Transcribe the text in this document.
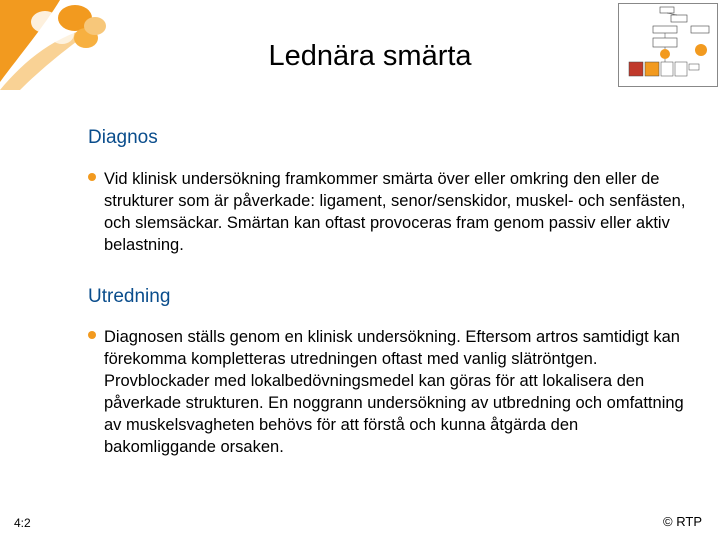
Lednära smärta
Diagnos
Vid klinisk undersökning framkommer smärta över eller omkring den eller de strukturer som är påverkade: ligament, senor/senskidor, muskel- och senfästen, och slemsäckar. Smärtan kan oftast provoceras fram genom passiv eller aktiv belastning.
Utredning
Diagnosen ställs genom en klinisk undersökning. Eftersom artros samtidigt kan förekomma kompletteras utredningen oftast med vanlig slätröntgen. Provblockader med lokalbedövningsmedel kan göras för att lokalisera den påverkade strukturen. En noggrann undersökning av utbredning och omfattning av muskelsvagheten behövs för att förstå och kunna åtgärda den bakomliggande orsaken.
4:2	© RTP
